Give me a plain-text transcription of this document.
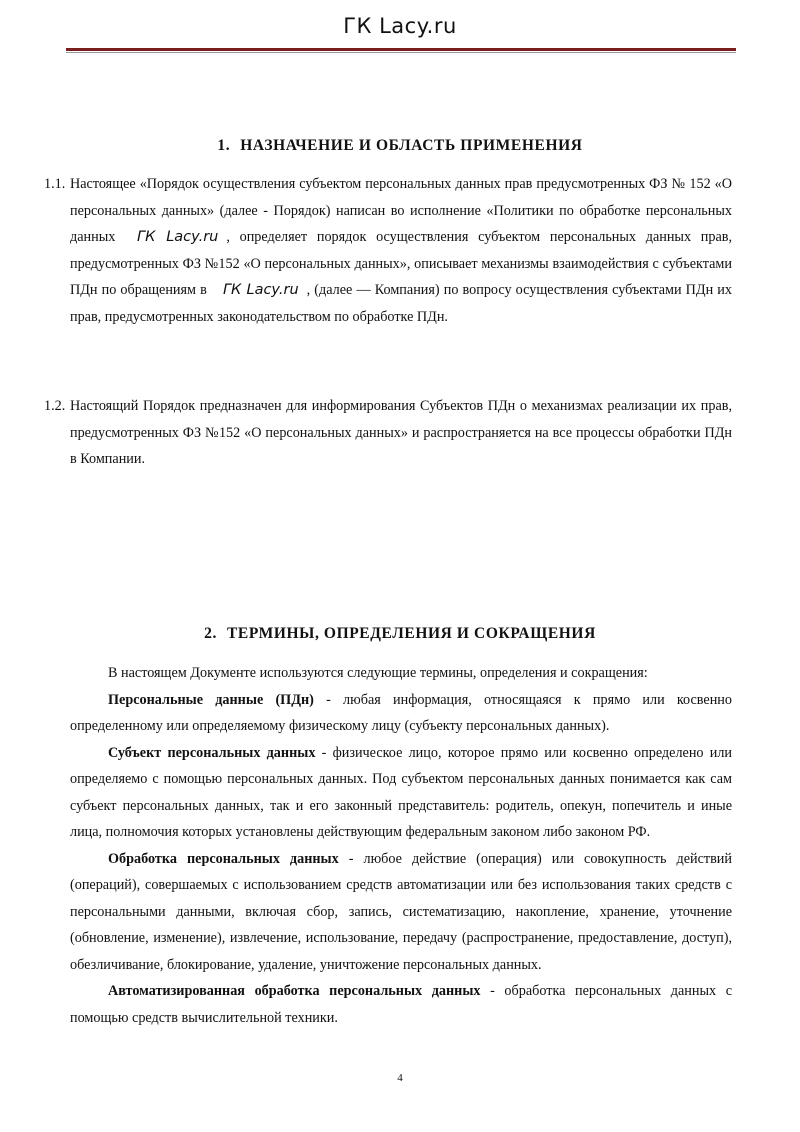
ГК Lacy.ru
1. НАЗНАЧЕНИЕ И ОБЛАСТЬ ПРИМЕНЕНИЯ
1.1. Настоящее «Порядок осуществления субъектом персональных данных прав предусмотренных ФЗ № 152 «О персональных данных» (далее - Порядок) написан во исполнение «Политики по обработке персональных данных ГК Lacy.ru , определяет порядок осуществления субъектом персональных данных прав, предусмотренных ФЗ №152 «О персональных данных», описывает механизмы взаимодействия с субъектами ПДн по обращениям в ГК Lacy.ru , (далее — Компания) по вопросу осуществления субъектами ПДн их прав, предусмотренных законодательством по обработке ПДн.
1.2. Настоящий Порядок предназначен для информирования Субъектов ПДн о механизмах реализации их прав, предусмотренных ФЗ №152 «О персональных данных» и распространяется на все процессы обработки ПДн в Компании.
2. ТЕРМИНЫ, ОПРЕДЕЛЕНИЯ И СОКРАЩЕНИЯ
В настоящем Документе используются следующие термины, определения и сокращения:
Персональные данные (ПДн) - любая информация, относящаяся к прямо или косвенно определенному или определяемому физическому лицу (субъекту персональных данных).
Субъект персональных данных - физическое лицо, которое прямо или косвенно определено или определяемо с помощью персональных данных. Под субъектом персональных данных понимается как сам субъект персональных данных, так и его законный представитель: родитель, опекун, попечитель и иные лица, полномочия которых установлены действующим федеральным законом либо законом РФ.
Обработка персональных данных - любое действие (операция) или совокупность действий (операций), совершаемых с использованием средств автоматизации или без использования таких средств с персональными данными, включая сбор, запись, систематизацию, накопление, хранение, уточнение (обновление, изменение), извлечение, использование, передачу (распространение, предоставление, доступ), обезличивание, блокирование, удаление, уничтожение персональных данных.
Автоматизированная обработка персональных данных - обработка персональных данных с помощью средств вычислительной техники.
4
